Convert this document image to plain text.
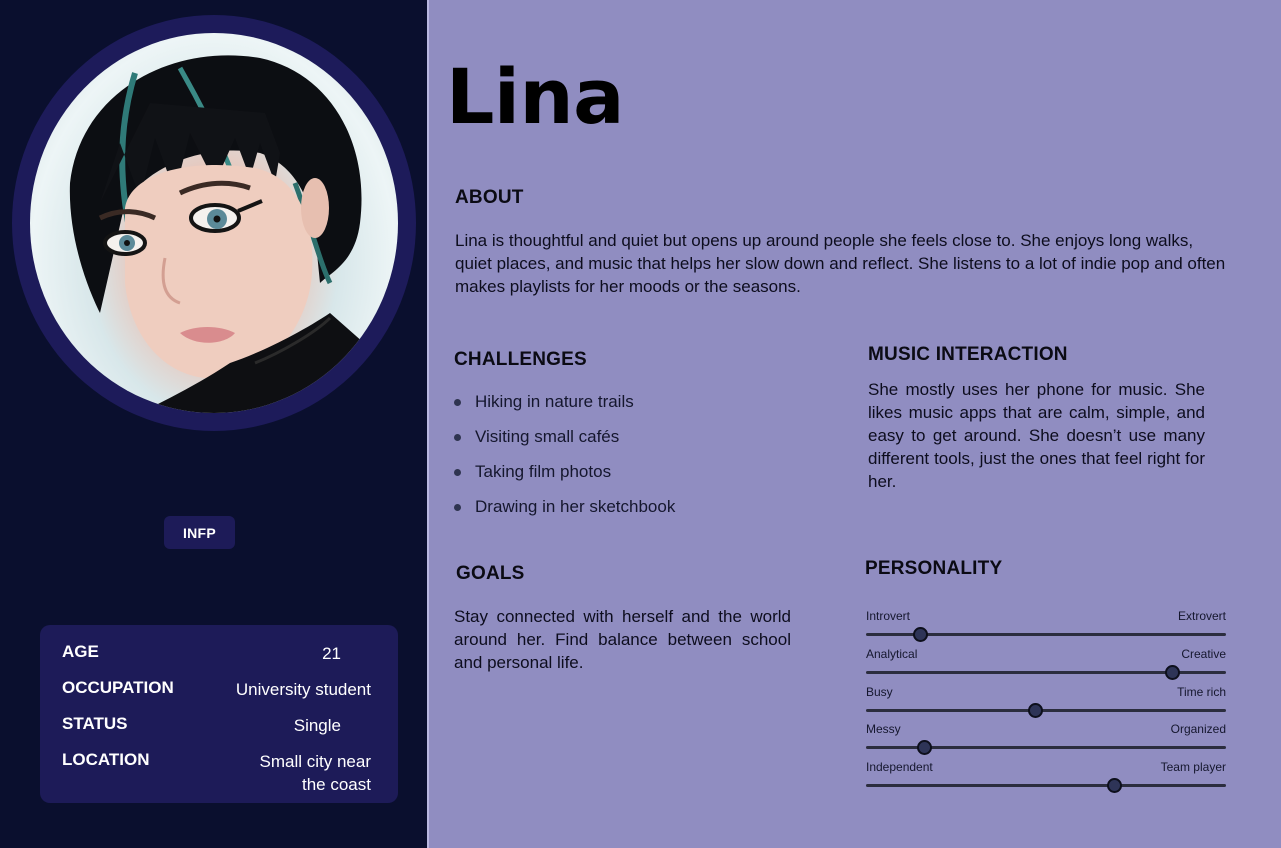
INFP
AGE	21
OCCUPATION	University student
STATUS	Single
LOCATION	Small city near the coast
Lina
ABOUT
Lina is thoughtful and quiet but opens up around people she feels close to. She enjoys long walks, quiet places, and music that helps her slow down and reflect. She listens to a lot of indie pop and often makes playlists for her moods or the seasons.
CHALLENGES
Hiking in nature trails
Visiting small cafés
Taking film photos
Drawing in her sketchbook
MUSIC INTERACTION
She mostly uses her phone for music. She likes music apps that are calm, simple, and easy to get around. She doesn’t use many different tools, just the ones that feel right for her.
GOALS
Stay connected with herself and the world around her. Find balance between school and personal life.
PERSONALITY
Introvert	Extrovert
Analytical	Creative
Busy	Time rich
Messy	Organized
Independent	Team player
